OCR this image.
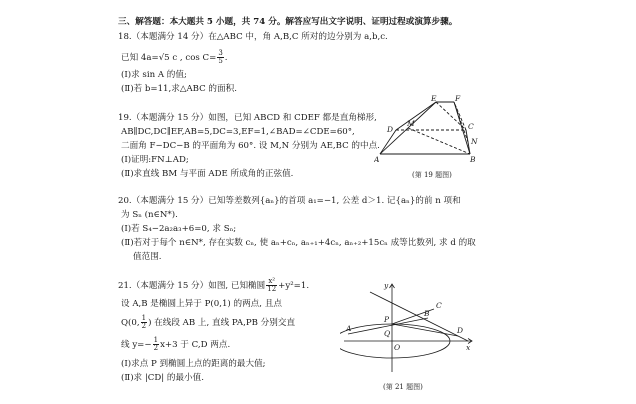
三、解答题：本大题共 5 小题，共 74 分。解答应写出文字说明、证明过程或演算步骤。
18.（本题满分 14 分）在△ABC 中，角 A,B,C 所对的边分别为 a,b,c.
已知 4a=√5 c , $\cos C= \frac{3}{5}$ .
(Ⅰ)求 sin A 的值;
(Ⅱ)若 b=11,求△ABC 的面积.
19.（本题满分 15 分）如图，已知 ABCD 和 CDEF 都是直角梯形,
AB∥DC,DC∥EF,AB=5,DC=3,EF=1,∠BAD=∠CDE=60°,
二面角 F−DC−B 的平面角为 60°. 设 M,N 分别为 AE,BC 的中点.
(Ⅰ)证明:FN⊥AD;
(Ⅱ)求直线 BM 与平面 ADE 所成角的正弦值.
E F
D
M	C
A	B
N
(第 19 题图)
20.（本题满分 15 分）已知等差数列{aₙ}的首项 a₁=−1, 公差 d＞1. 记{aₙ}的前 n 项和
为 Sₙ (n∈N*).
(Ⅰ)若 S₄−2a₂a₃+6=0, 求 Sₙ;
(Ⅱ)若对于每个 n∈N*, 存在实数 cₙ, 使 aₙ+cₙ, aₙ₊₁+4cₙ, aₙ₊₂+15cₙ 成等比数列, 求 d 的取
值范围.
21.（本题满分 15 分）如图, 已知椭圆 $\frac{\text{x²}}{12} +y^2=1$.
设 A,B 是椭圆上异于 P(0,1) 的两点, 且点
Q(0, $\frac{1}{2}$ ) 在线段 AB 上, 直线 PA,PB 分别交直
线 $y=- \frac{1}{2} x+3$ 于 C,D 两点.
(Ⅰ)求点 P 到椭圆上点的距离的最大值;
(Ⅱ)求 |CD| 的最小值.
y
x
P
Q
O
A
B
C
D
(第 21 题图)
